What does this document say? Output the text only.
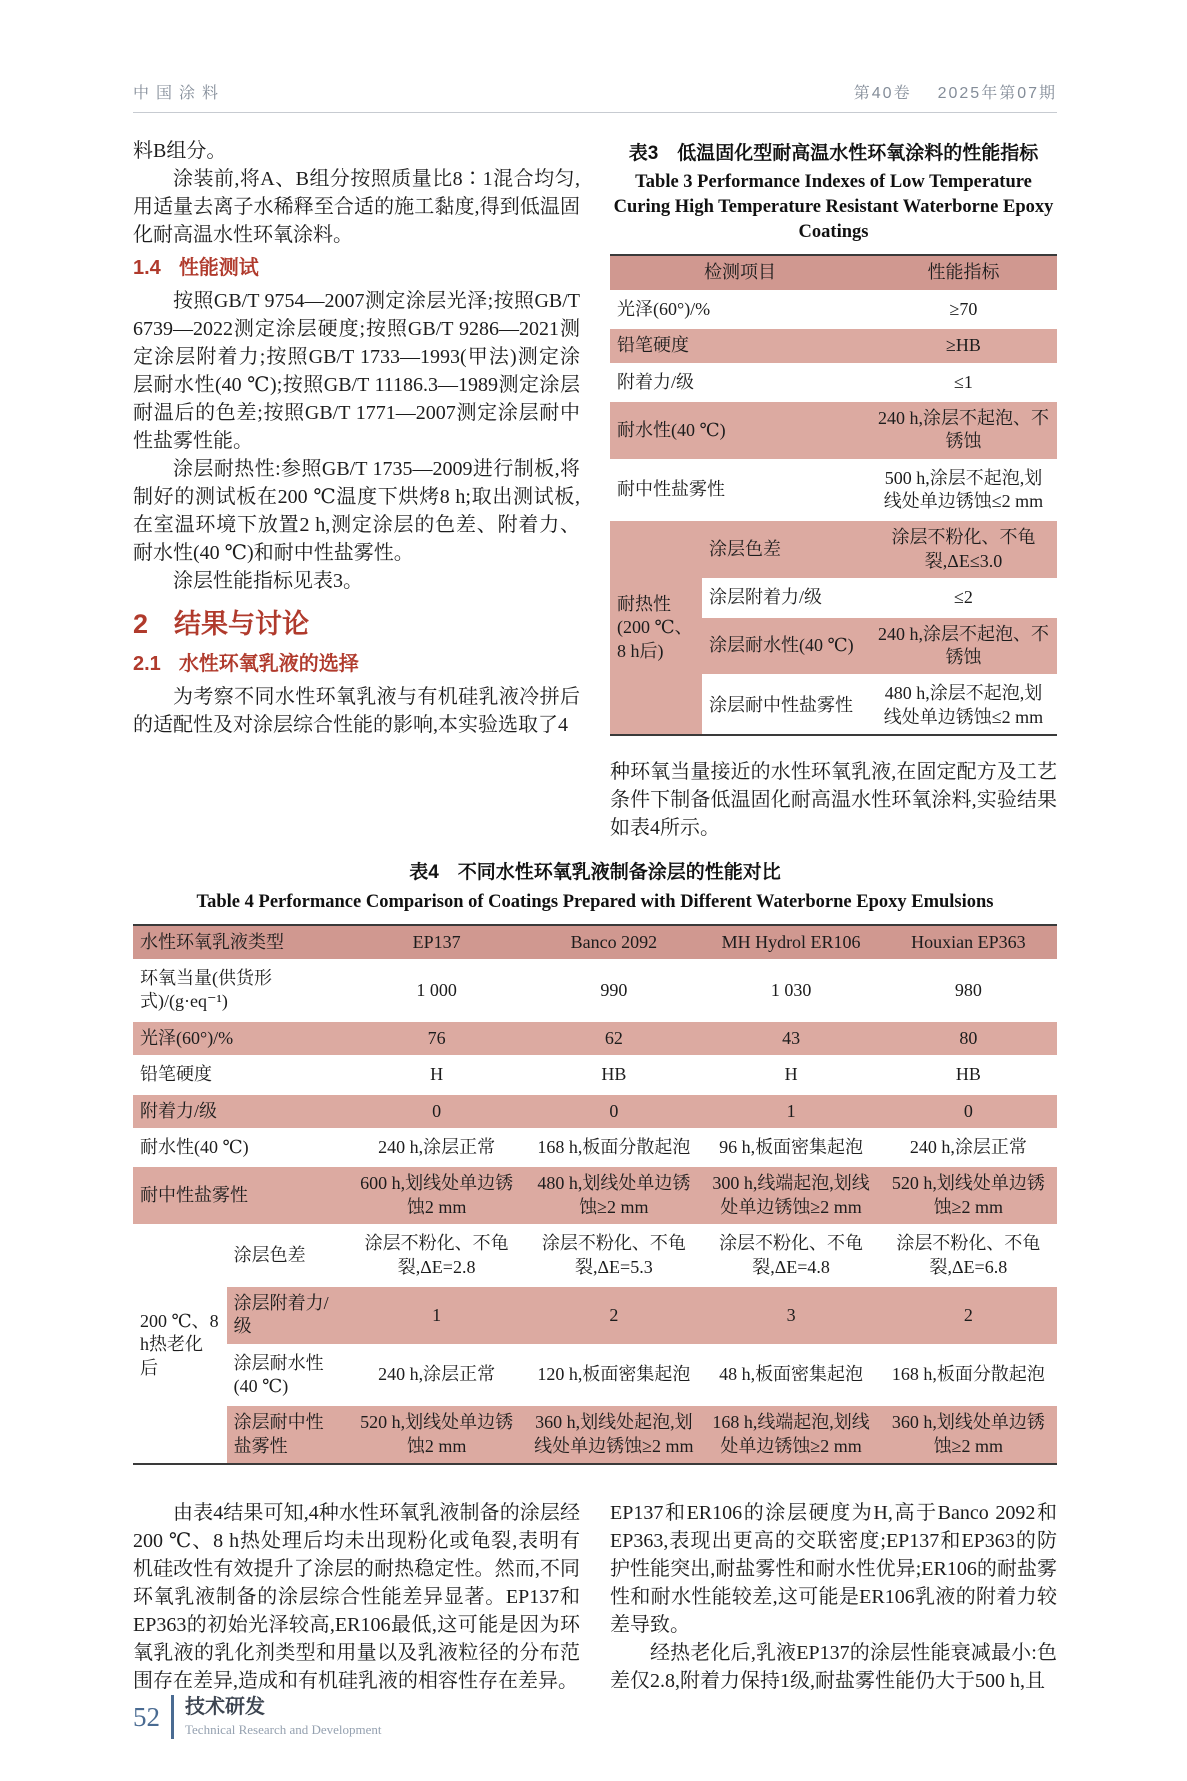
中国涂料	第40卷 2025年第07期

料B组分。

涂装前,将A、B组分按照质量比8∶1混合均匀,用适量去离子水稀释至合适的施工黏度,得到低温固化耐高温水性环氧涂料。

1.4 性能测试

按照GB/T 9754—2007测定涂层光泽;按照GB/T 6739—2022测定涂层硬度;按照GB/T 9286—2021测定涂层附着力;按照GB/T 1733—1993(甲法)测定涂层耐水性(40 ℃);按照GB/T 11186.3—1989测定涂层耐温后的色差;按照GB/T 1771—2007测定涂层耐中性盐雾性能。

涂层耐热性:参照GB/T 1735—2009进行制板,将制好的测试板在200 ℃温度下烘烤8 h;取出测试板,在室温环境下放置2 h,测定涂层的色差、附着力、耐水性(40 ℃)和耐中性盐雾性。

涂层性能指标见表3。

2 结果与讨论
2.1 水性环氧乳液的选择

为考察不同水性环氧乳液与有机硅乳液冷拼后的适配性及对涂层综合性能的影响,本实验选取了4

表3　低温固化型耐高温水性环氧涂料的性能指标
Table 3 Performance Indexes of Low Temperature Curing High Temperature Resistant Waterborne Epoxy Coatings
检测项目		性能指标
光泽(60°)/%		≥70
铅笔硬度		≥HB
附着力/级		≤1
耐水性(40 ℃)		240 h,涂层不起泡、不锈蚀
耐中性盐雾性		500 h,涂层不起泡,划线处单边锈蚀≤2 mm
耐热性(200 ℃、8 h后)	涂层色差	涂层不粉化、不龟裂,ΔE≤3.0
	涂层附着力/级	≤2
	涂层耐水性(40 ℃)	240 h,涂层不起泡、不锈蚀
	涂层耐中性盐雾性	480 h,涂层不起泡,划线处单边锈蚀≤2 mm

种环氧当量接近的水性环氧乳液,在固定配方及工艺条件下制备低温固化耐高温水性环氧涂料,实验结果如表4所示。

表4　不同水性环氧乳液制备涂层的性能对比
Table 4 Performance Comparison of Coatings Prepared with Different Waterborne Epoxy Emulsions
水性环氧乳液类型		EP137	Banco 2092	MH Hydrol ER106	Houxian EP363
环氧当量(供货形式)/(g·eq⁻¹)		1 000	990	1 030	980
光泽(60°)/%		76	62	43	80
铅笔硬度		H	HB	H	HB
附着力/级		0	0	1	0
耐水性(40 ℃)		240 h,涂层正常	168 h,板面分散起泡	96 h,板面密集起泡	240 h,涂层正常
耐中性盐雾性		600 h,划线处单边锈蚀2 mm	480 h,划线处单边锈蚀≥2 mm	300 h,线端起泡,划线处单边锈蚀≥2 mm	520 h,划线处单边锈蚀≥2 mm
200 ℃、8 h热老化后	涂层色差	涂层不粉化、不龟裂,ΔE=2.8	涂层不粉化、不龟裂,ΔE=5.3	涂层不粉化、不龟裂,ΔE=4.8	涂层不粉化、不龟裂,ΔE=6.8
	涂层附着力/级	1	2	3	2
	涂层耐水性(40 ℃)	240 h,涂层正常	120 h,板面密集起泡	48 h,板面密集起泡	168 h,板面分散起泡
	涂层耐中性盐雾性	520 h,划线处单边锈蚀2 mm	360 h,划线处起泡,划线处单边锈蚀≥2 mm	168 h,线端起泡,划线处单边锈蚀≥2 mm	360 h,划线处单边锈蚀≥2 mm

由表4结果可知,4种水性环氧乳液制备的涂层经200 ℃、8 h热处理后均未出现粉化或龟裂,表明有机硅改性有效提升了涂层的耐热稳定性。然而,不同环氧乳液制备的涂层综合性能差异显著。EP137和EP363的初始光泽较高,ER106最低,这可能是因为环氧乳液的乳化剂类型和用量以及乳液粒径的分布范围存在差异,造成和有机硅乳液的相容性存在差异。

EP137和ER106的涂层硬度为H,高于Banco 2092和EP363,表现出更高的交联密度;EP137和EP363的防护性能突出,耐盐雾性和耐水性优异;ER106的耐盐雾性和耐水性能较差,这可能是ER106乳液的附着力较差导致。

经热老化后,乳液EP137的涂层性能衰减最小:色差仅2.8,附着力保持1级,耐盐雾性能仍大于500 h,且

52 技术研发
Technical Research and Development
